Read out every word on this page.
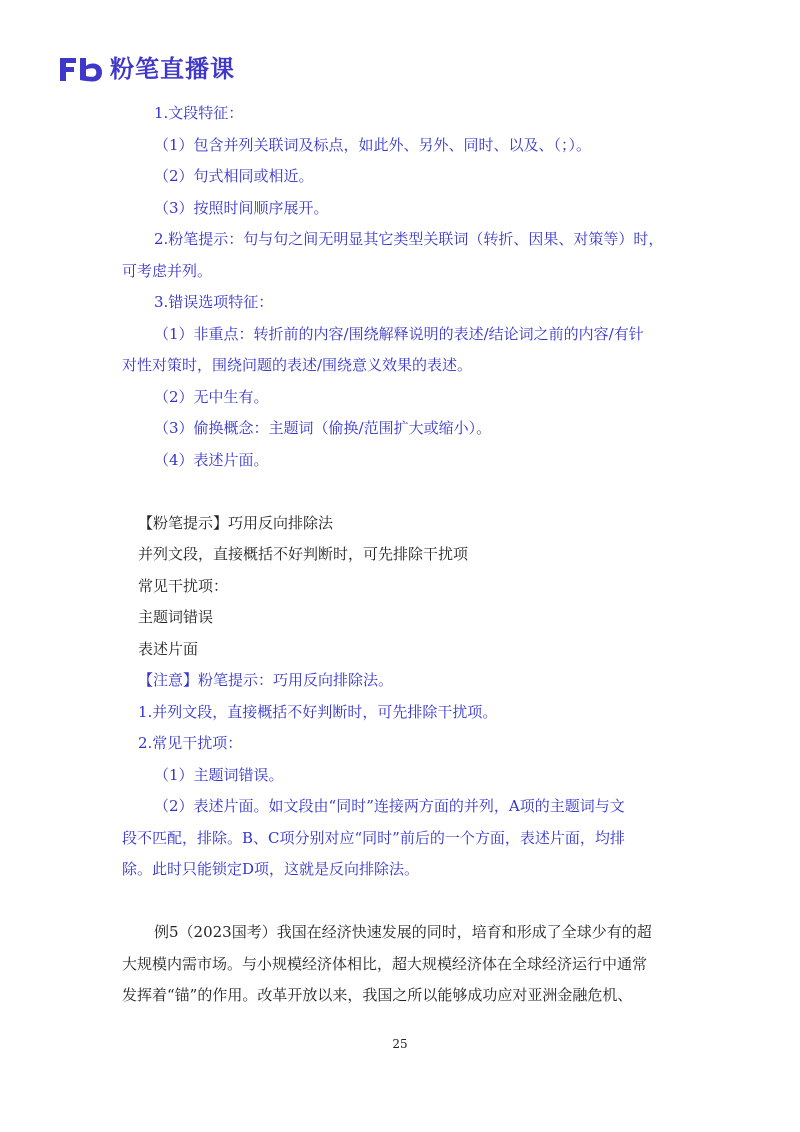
粉笔直播课
1.文段特征：
（1）包含并列关联词及标点，如此外、另外、同时、以及、（；）。
（2）句式相同或相近。
（3）按照时间顺序展开。
2.粉笔提示：句与句之间无明显其它类型关联词（转折、因果、对策等）时，
可考虑并列。
3.错误选项特征：
（1）非重点：转折前的内容/围绕解释说明的表述/结论词之前的内容/有针
对性对策时，围绕问题的表述/围绕意义效果的表述。
（2）无中生有。
（3）偷换概念：主题词（偷换/范围扩大或缩小）。
（4）表述片面。
【粉笔提示】巧用反向排除法
并列文段，直接概括不好判断时，可先排除干扰项
常见干扰项：
主题词错误
表述片面
【注意】粉笔提示：巧用反向排除法。
1.并列文段，直接概括不好判断时，可先排除干扰项。
2.常见干扰项：
（1）主题词错误。
（2）表述片面。如文段由“同时”连接两方面的并列，A项的主题词与文
段不匹配，排除。B、C项分别对应“同时”前后的一个方面，表述片面，均排
除。此时只能锁定D项，这就是反向排除法。
例5（2023国考）我国在经济快速发展的同时，培育和形成了全球少有的超
大规模内需市场。与小规模经济体相比，超大规模经济体在全球经济运行中通常
发挥着“锚”的作用。改革开放以来，我国之所以能够成功应对亚洲金融危机、
25
